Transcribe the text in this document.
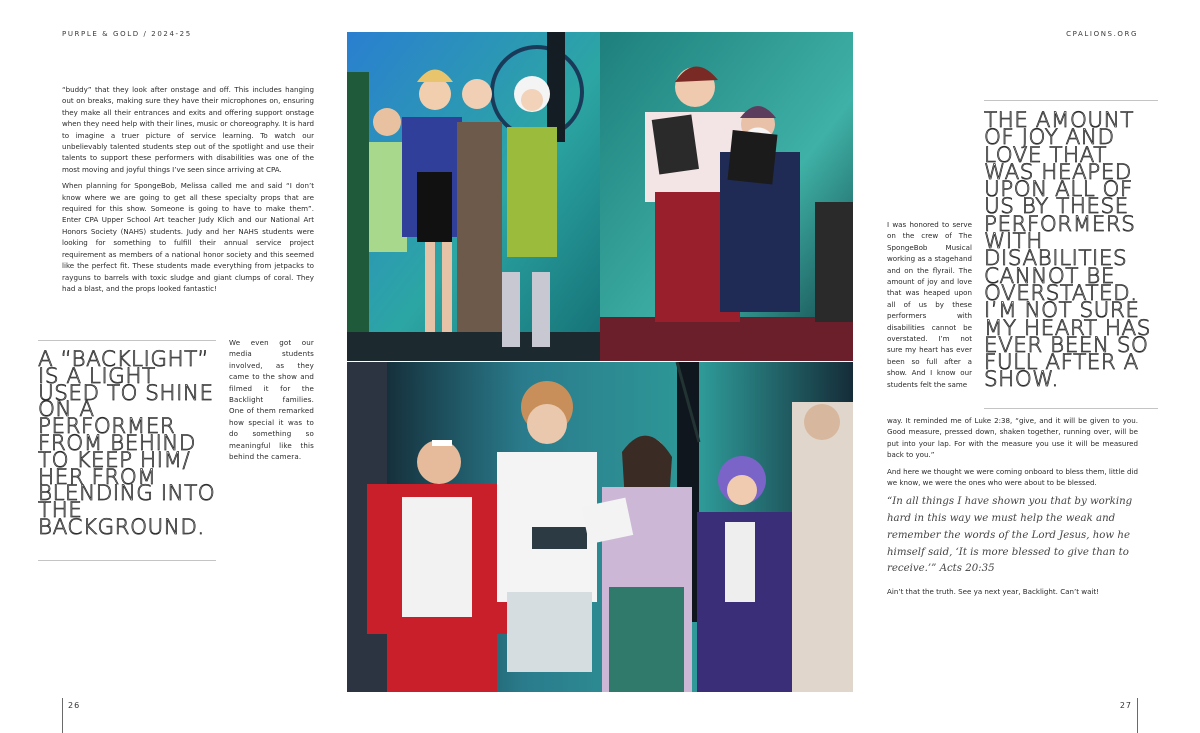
PURPLE & GOLD / 2024-25	CPALIONS.ORG

“buddy” that they look after onstage and off. This includes hanging out on breaks, making sure they have their microphones on, ensuring they make all their entrances and exits and offering support onstage when they need help with their lines, music or choreography. It is hard to imagine a truer picture of service learning. To watch our unbelievably talented students step out of the spotlight and use their talents to support these performers with disabilities was one of the most moving and joyful things I’ve seen since arriving at CPA.

When planning for SpongeBob, Melissa called me and said “I don’t know where we are going to get all these specialty props that are required for this show. Someone is going to have to make them”. Enter CPA Upper School Art teacher Judy Klich and our National Art Honors Society (NAHS) students. Judy and her NAHS students were looking for something to fulfill their annual service project requirement as members of a national honor society and this seemed like the perfect fit. These students made everything from jetpacks to rayguns to barrels with toxic sludge and giant clumps of coral. They had a blast, and the props looked fantastic!

A “BACKLIGHT” IS A LIGHT USED TO SHINE ON A PERFORMER FROM BEHIND TO KEEP HIM/ HER FROM BLENDING INTO THE BACKGROUND.

We even got our media students involved, as they came to the show and filmed it for the Backlight families. One of them remarked how special it was to do something so meaningful like this behind the camera.

THE AMOUNT OF JOY AND LOVE THAT WAS HEAPED UPON ALL OF US BY THESE PERFORMERS WITH DISABILITIES CANNOT BE OVERSTATED. I’M NOT SURE MY HEART HAS EVER BEEN SO FULL AFTER A SHOW.

I was honored to serve on the crew of The SpongeBob Musical working as a stagehand and on the flyrail. The amount of joy and love that was heaped upon all of us by these performers with disabilities cannot be overstated. I’m not sure my heart has ever been so full after a show. And I know our students felt the same

way. It reminded me of Luke 2:38, “give, and it will be given to you. Good measure, pressed down, shaken together, running over, will be put into your lap. For with the measure you use it will be measured back to you.”

And here we thought we were coming onboard to bless them, little did we know, we were the ones who were about to be blessed.

“In all things I have shown you that by working hard in this way we must help the weak and remember the words of the Lord Jesus, how he himself said, ‘It is more blessed to give than to receive.’” Acts 20:35

Ain’t that the truth. See ya next year, Backlight. Can’t wait!

26	27
